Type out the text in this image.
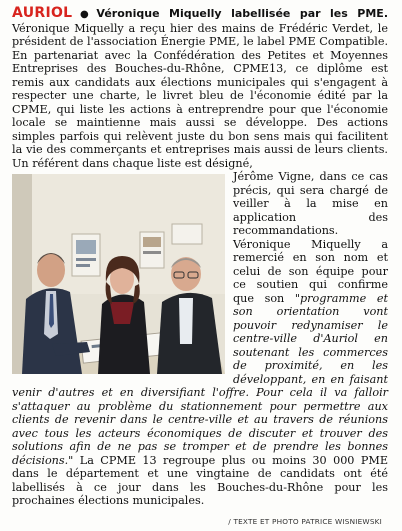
AURIOL ● Véronique Miquelly labellisée par les PME. Véronique Miquelly a reçu hier des mains de Frédéric Verdet, le président de l'association Énergie PME, le label PME Compatible. En partenariat avec la Confédération des Petites et Moyennes Entreprises des Bouches-du-Rhône, CPME13, ce diplôme est remis aux candidats aux élections municipales qui s'engagent à respecter une charte, le livret bleu de l'économie édité par la CPME, qui liste les actions à entreprendre pour que l'économie locale se maintienne mais aussi se développe. Des actions simples parfois qui relèvent juste du bon sens mais qui facilitent la vie des commerçants et entreprises mais aussi de leurs clients. Un référent dans chaque liste est désigné,

Jérôme Vigne, dans ce cas précis, qui sera chargé de veiller à la mise en application des recommandations. Véronique Miquelly a remercié en son nom et celui de son équipe pour ce soutien qui confirme que son "programme et son orientation vont pouvoir redynamiser le centre-ville d'Auriol en soutenant les commerces de proximité, en les développant, en en faisant venir d'autres et en diversifiant l'offre. Pour cela il va falloir s'attaquer au problème du stationnement pour permettre aux clients de revenir dans le centre-ville et au travers de réunions avec tous les acteurs économiques de discuter et trouver des solutions afin de ne pas se tromper et de prendre les bonnes décisions." La CPME 13 regroupe plus ou moins 30 000 PME dans le département et une vingtaine de candidats ont été labellisés à ce jour dans les Bouches-du-Rhône pour les prochaines élections municipales.

/ TEXTE ET PHOTO PATRICE WISNIEWSKI
